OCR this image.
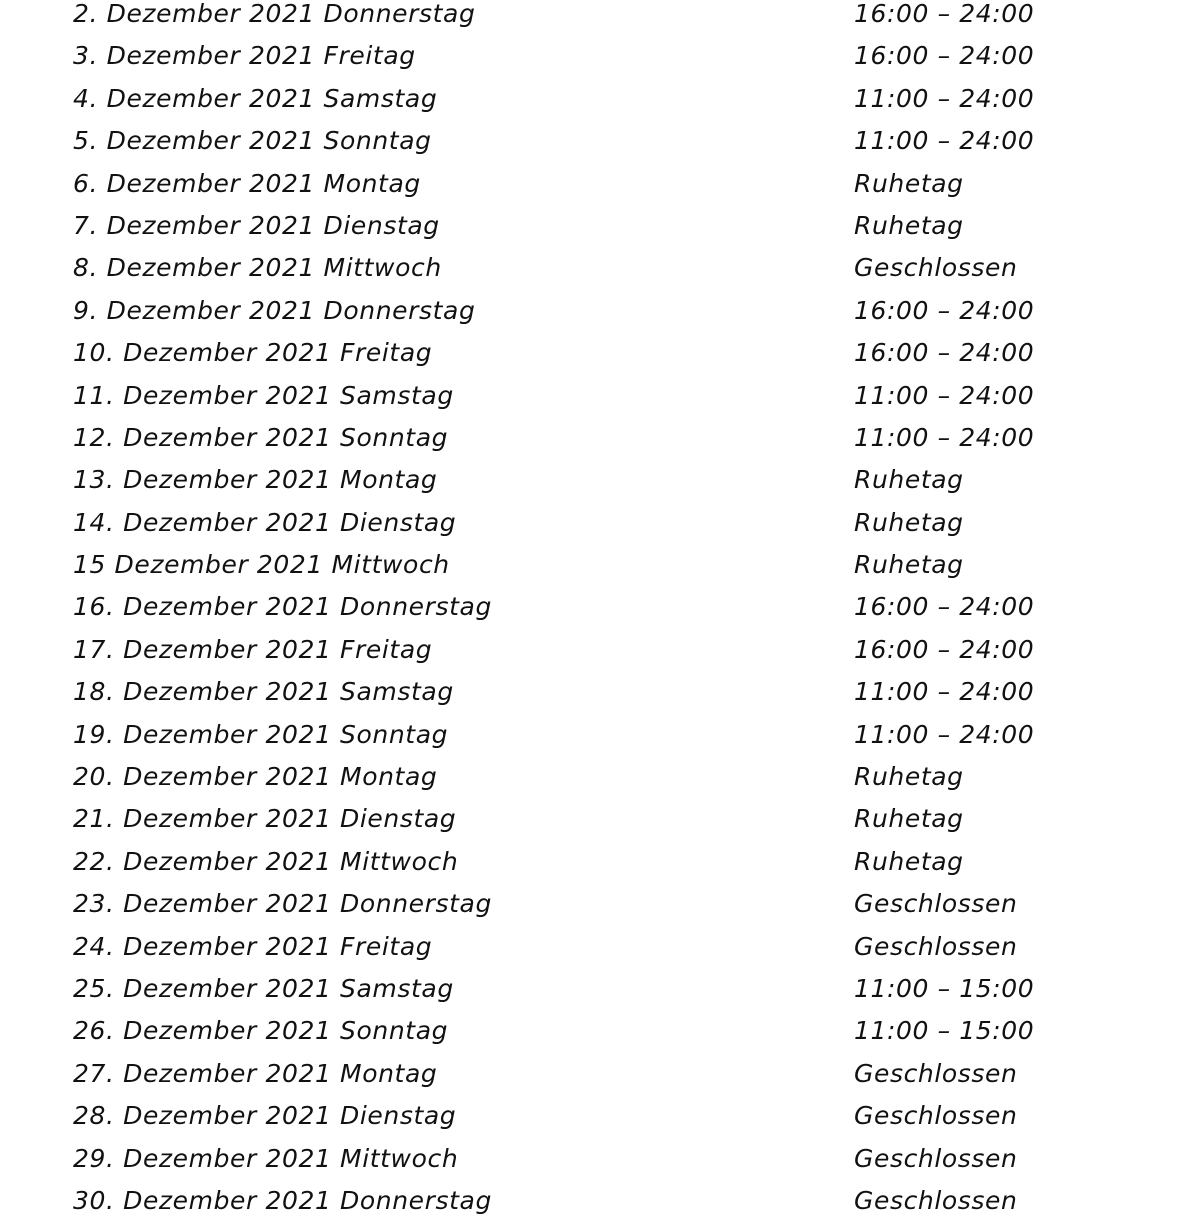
2. Dezember 2021 Donnerstag	16:00 – 24:00
3. Dezember 2021 Freitag	16:00 – 24:00
4. Dezember 2021 Samstag	11:00 – 24:00
5. Dezember 2021 Sonntag	11:00 – 24:00
6. Dezember 2021 Montag	Ruhetag
7. Dezember 2021 Dienstag	Ruhetag
8. Dezember 2021 Mittwoch	Geschlossen
9. Dezember 2021 Donnerstag	16:00 – 24:00
10. Dezember 2021 Freitag	16:00 – 24:00
11. Dezember 2021 Samstag	11:00 – 24:00
12. Dezember 2021 Sonntag	11:00 – 24:00
13. Dezember 2021 Montag	Ruhetag
14. Dezember 2021 Dienstag	Ruhetag
15 Dezember 2021 Mittwoch	Ruhetag
16. Dezember 2021 Donnerstag	16:00 – 24:00
17. Dezember 2021 Freitag	16:00 – 24:00
18. Dezember 2021 Samstag	11:00 – 24:00
19. Dezember 2021 Sonntag	11:00 – 24:00
20. Dezember 2021 Montag	Ruhetag
21. Dezember 2021 Dienstag	Ruhetag
22. Dezember 2021 Mittwoch	Ruhetag
23. Dezember 2021 Donnerstag	Geschlossen
24. Dezember 2021 Freitag	Geschlossen
25. Dezember 2021 Samstag	11:00 – 15:00
26. Dezember 2021 Sonntag	11:00 – 15:00
27. Dezember 2021 Montag	Geschlossen
28. Dezember 2021 Dienstag	Geschlossen
29. Dezember 2021 Mittwoch	Geschlossen
30. Dezember 2021 Donnerstag	Geschlossen
